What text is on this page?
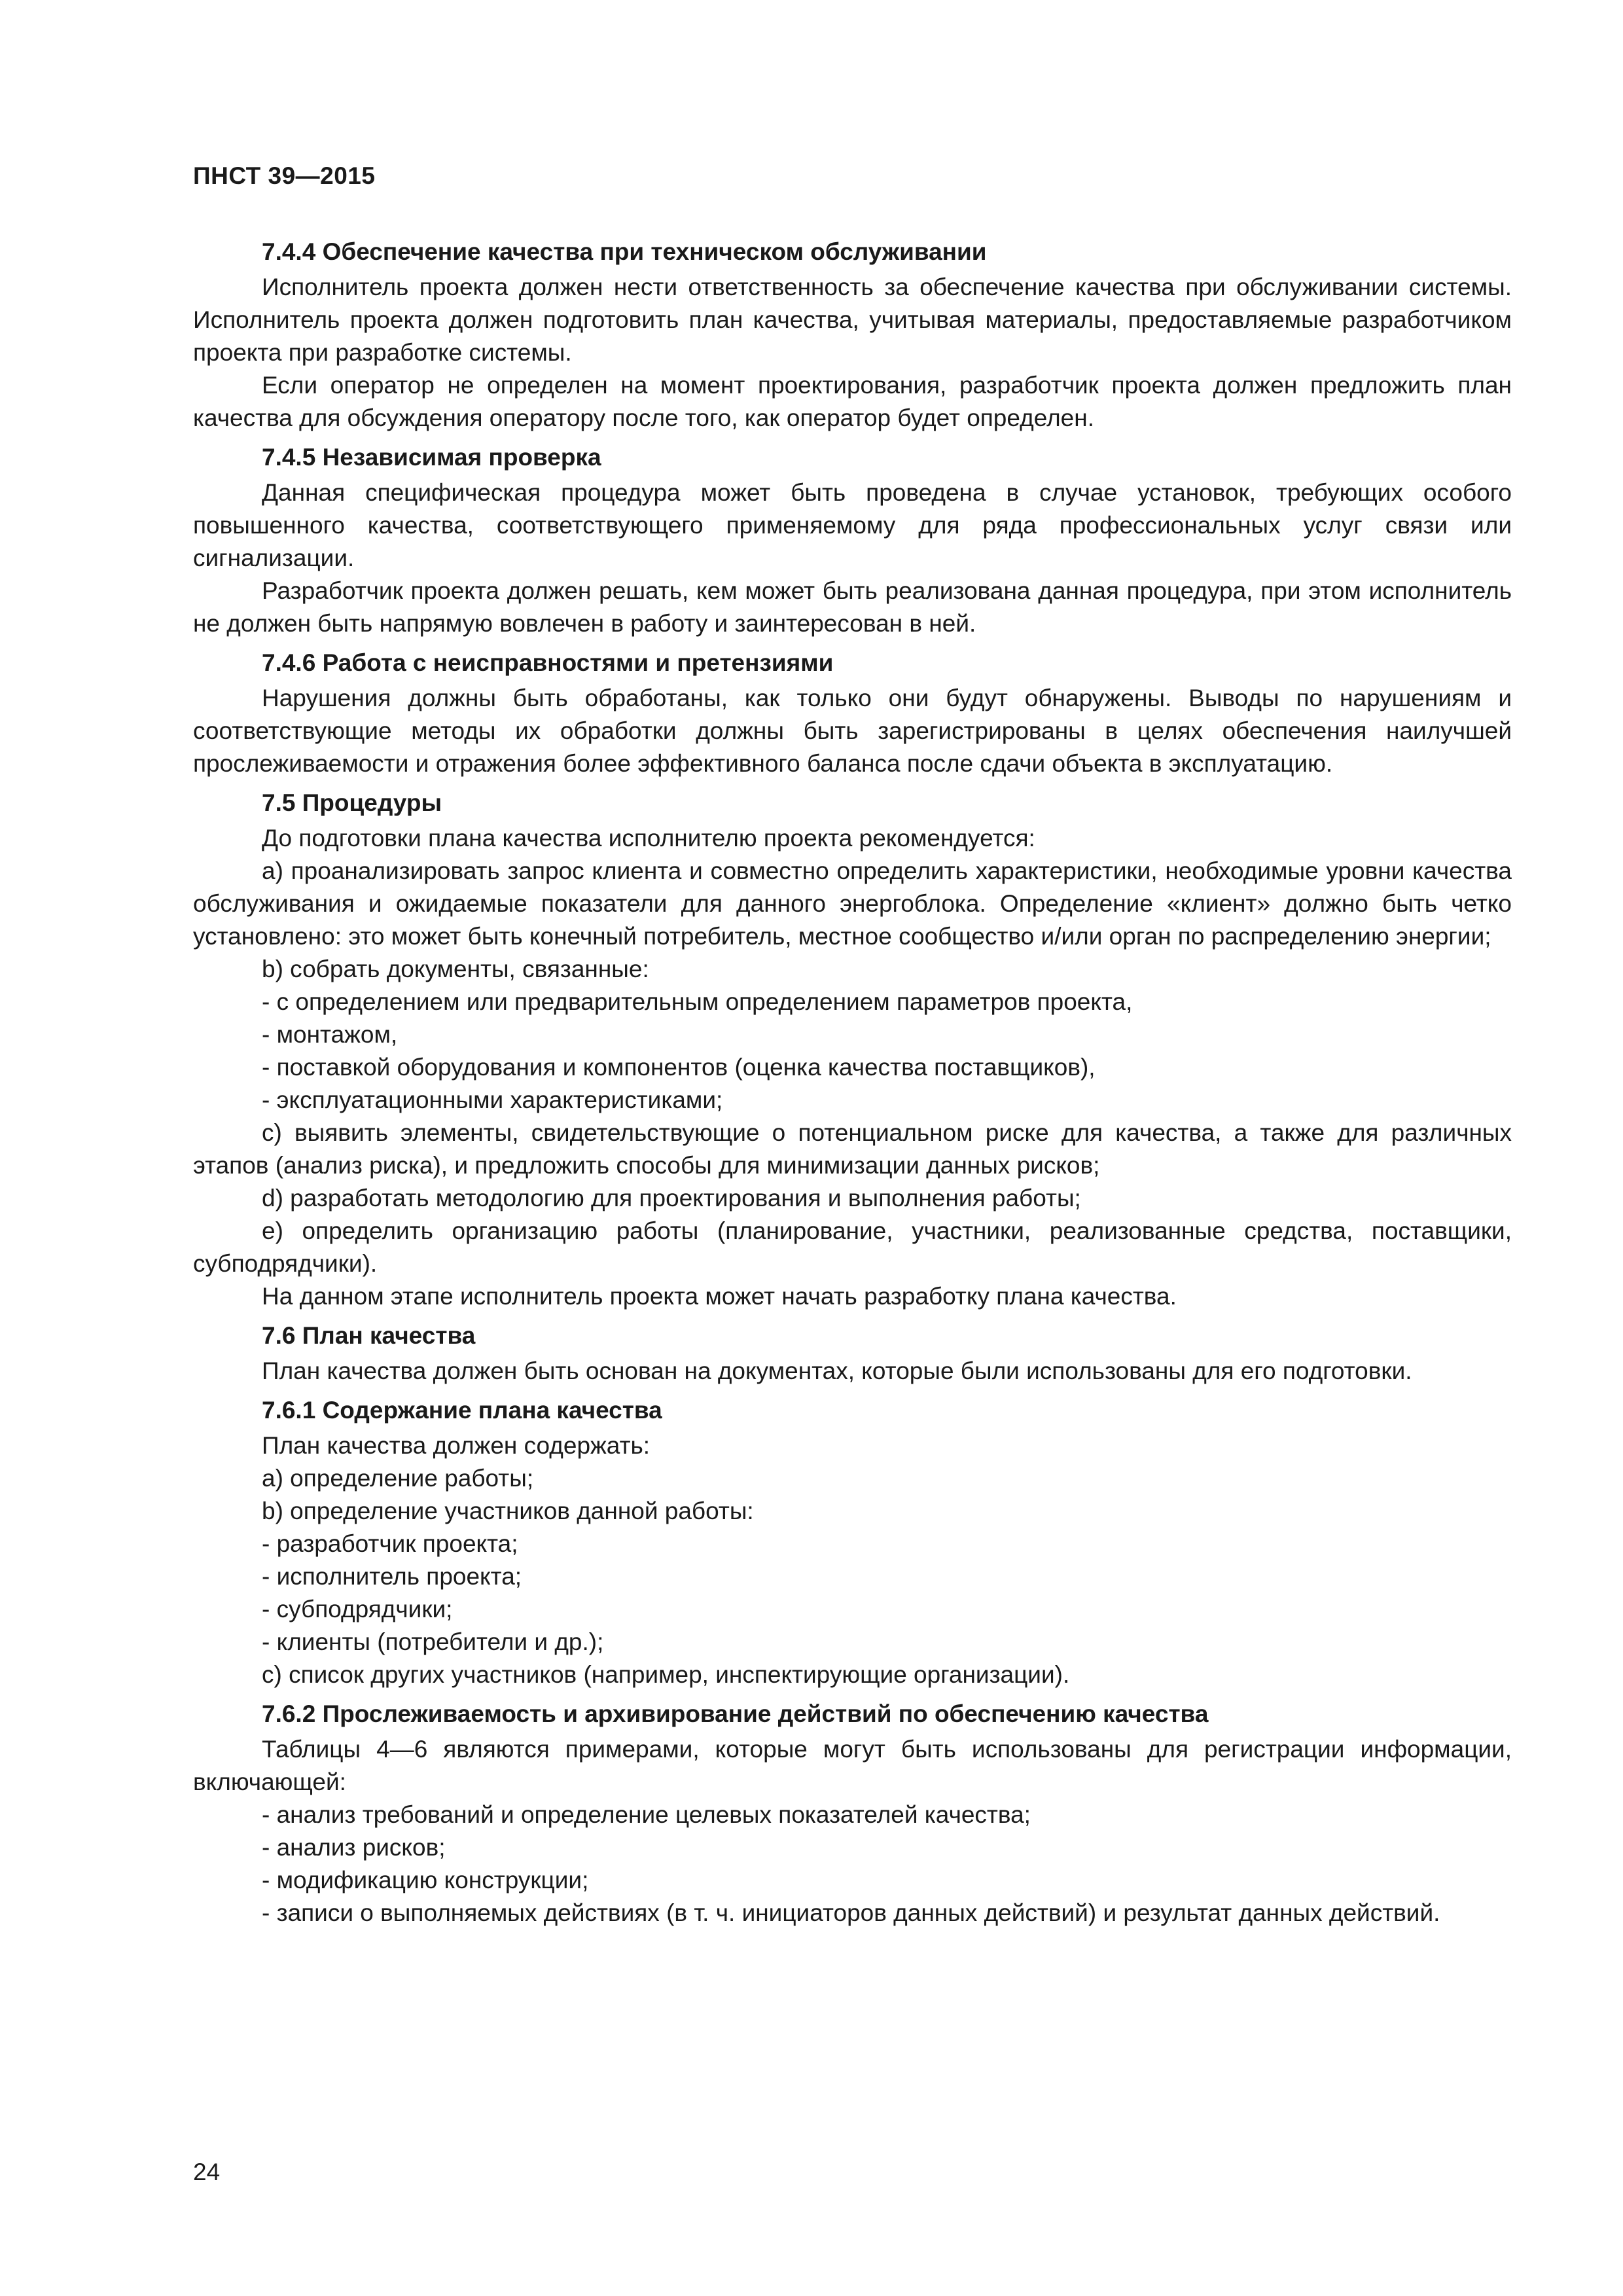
ПНСТ 39—2015
7.4.4 Обеспечение качества при техническом обслуживании

Исполнитель проекта должен нести ответственность за обеспечение качества при обслуживании системы. Исполнитель проекта должен подготовить план качества, учитывая материалы, предоставляемые разработчиком проекта при разработке системы.

Если оператор не определен на момент проектирования, разработчик проекта должен предложить план качества для обсуждения оператору после того, как оператор будет определен.

7.4.5 Независимая проверка

Данная специфическая процедура может быть проведена в случае установок, требующих особого повышенного качества, соответствующего применяемому для ряда профессиональных услуг связи или сигнализации.

Разработчик проекта должен решать, кем может быть реализована данная процедура, при этом исполнитель не должен быть напрямую вовлечен в работу и заинтересован в ней.

7.4.6 Работа с неисправностями и претензиями

Нарушения должны быть обработаны, как только они будут обнаружены. Выводы по нарушениям и соответствующие методы их обработки должны быть зарегистрированы в целях обеспечения наилучшей прослеживаемости и отражения более эффективного баланса после сдачи объекта в эксплуатацию.

7.5 Процедуры

До подготовки плана качества исполнителю проекта рекомендуется:

a) проанализировать запрос клиента и совместно определить характеристики, необходимые уровни качества обслуживания и ожидаемые показатели для данного энергоблока. Определение «клиент» должно быть четко установлено: это может быть конечный потребитель, местное сообщество и/или орган по распределению энергии;

b) собрать документы, связанные:

- с определением или предварительным определением параметров проекта,

- монтажом,

- поставкой оборудования и компонентов (оценка качества поставщиков),

- эксплуатационными характеристиками;

c) выявить элементы, свидетельствующие о потенциальном риске для качества, а также для различных этапов (анализ риска), и предложить способы для минимизации данных рисков;

d) разработать методологию для проектирования и выполнения работы;

e) определить организацию работы (планирование, участники, реализованные средства, поставщики, субподрядчики).

На данном этапе исполнитель проекта может начать разработку плана качества.

7.6 План качества

План качества должен быть основан на документах, которые были использованы для его подготовки.

7.6.1 Содержание плана качества

План качества должен содержать:

a) определение работы;

b) определение участников данной работы:

- разработчик проекта;

- исполнитель проекта;

- субподрядчики;

- клиенты (потребители и др.);

c) список других участников (например, инспектирующие организации).

7.6.2 Прослеживаемость и архивирование действий по обеспечению качества

Таблицы 4—6 являются примерами, которые могут быть использованы для регистрации информации, включающей:

- анализ требований и определение целевых показателей качества;

- анализ рисков;

- модификацию конструкции;

- записи о выполняемых действиях (в т. ч. инициаторов данных действий) и результат данных действий.

24
